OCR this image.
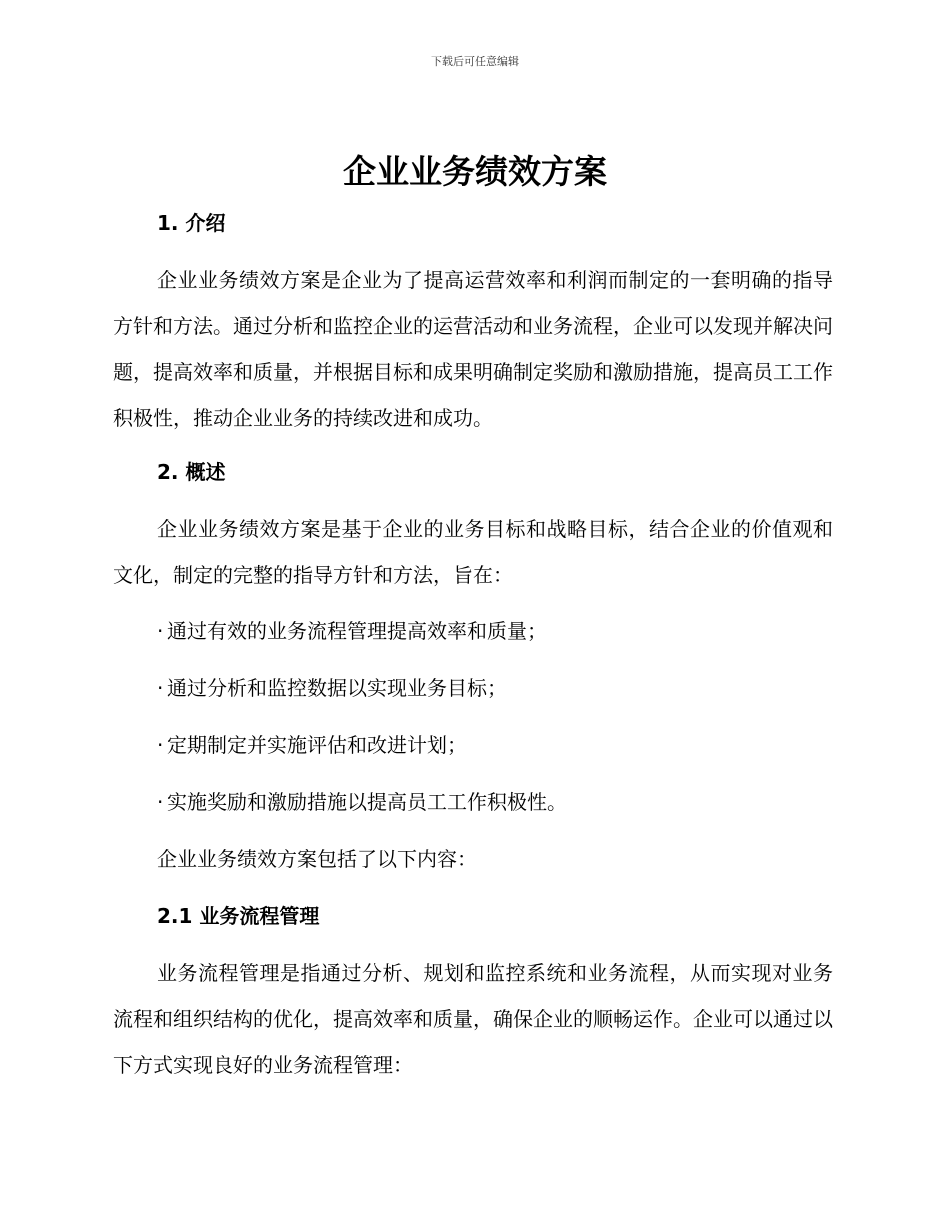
下载后可任意编辑
企业业务绩效方案
1. 介绍

企业业务绩效方案是企业为了提高运营效率和利润而制定的一套明确的指导方针和方法。通过分析和监控企业的运营活动和业务流程，企业可以发现并解决问题，提高效率和质量，并根据目标和成果明确制定奖励和激励措施，提高员工工作积极性，推动企业业务的持续改进和成功。

2. 概述

企业业务绩效方案是基于企业的业务目标和战略目标，结合企业的价值观和文化，制定的完整的指导方针和方法，旨在：

· 通过有效的业务流程管理提高效率和质量；
· 通过分析和监控数据以实现业务目标；
· 定期制定并实施评估和改进计划；
· 实施奖励和激励措施以提高员工工作积极性。
企业业务绩效方案包括了以下内容：
2.1 业务流程管理

业务流程管理是指通过分析、规划和监控系统和业务流程，从而实现对业务流程和组织结构的优化，提高效率和质量，确保企业的顺畅运作。企业可以通过以下方式实现良好的业务流程管理：
